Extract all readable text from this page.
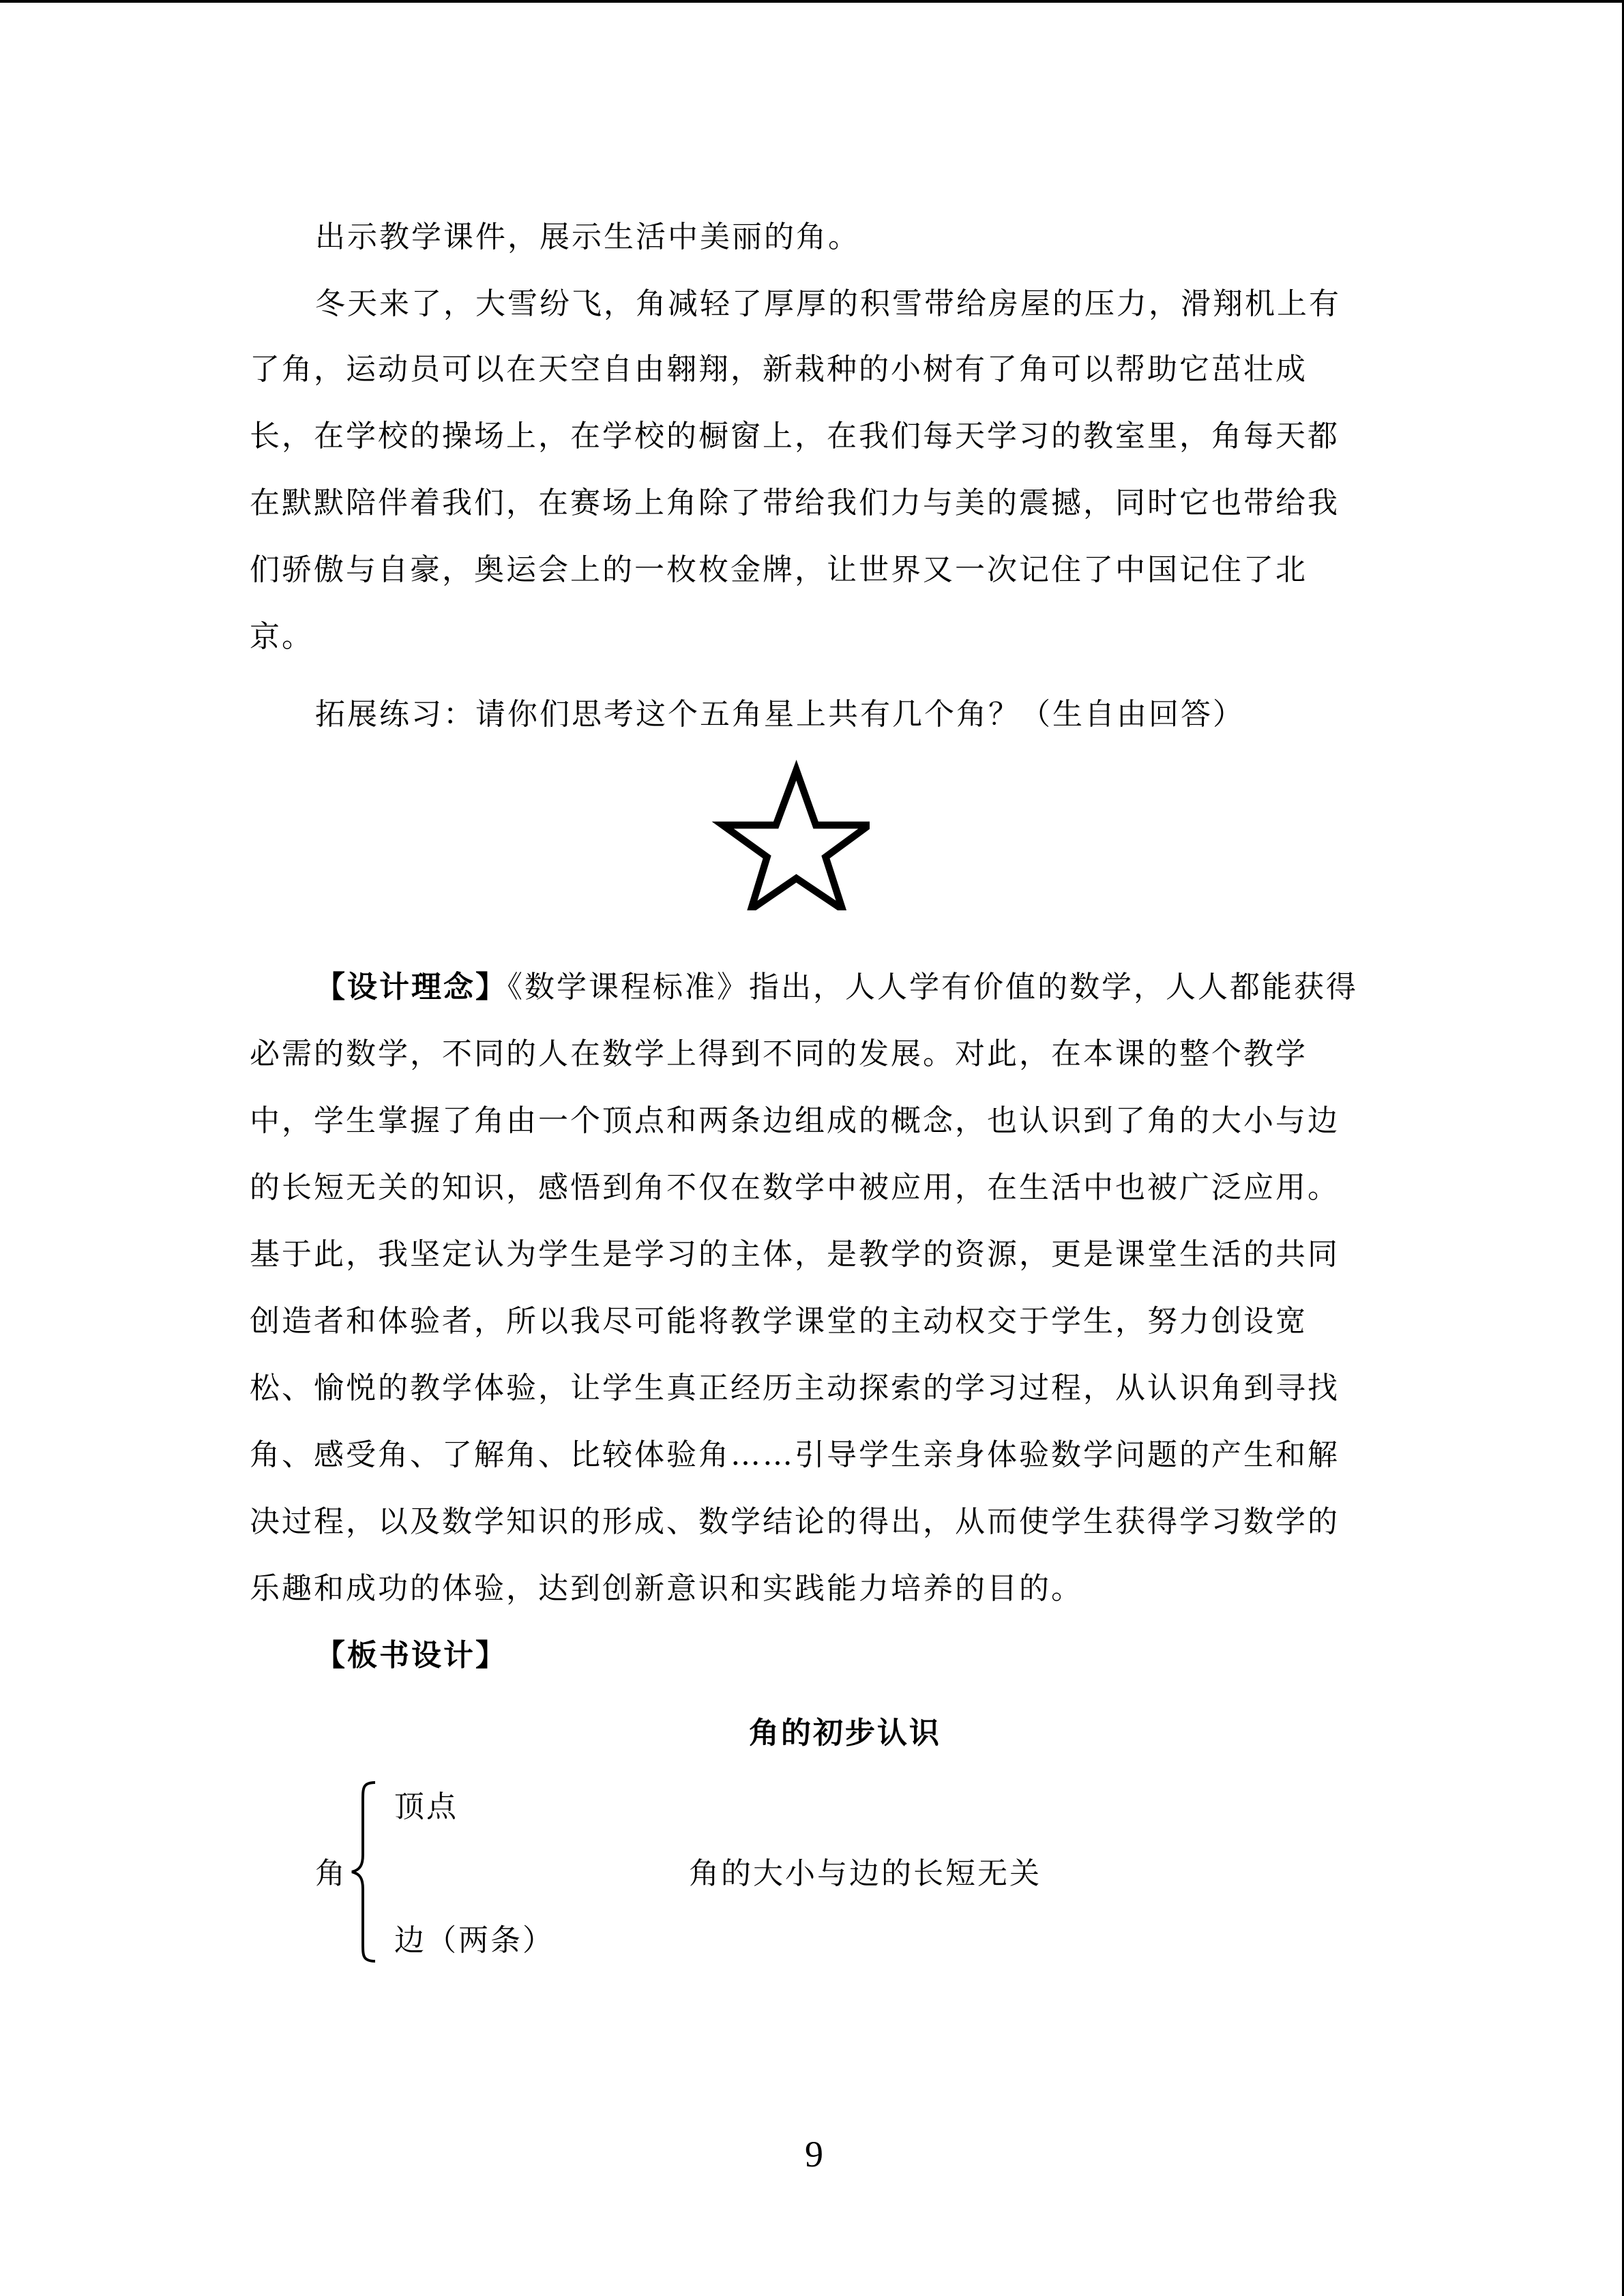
出示教学课件，展示生活中美丽的角。
冬天来了，大雪纷飞，角减轻了厚厚的积雪带给房屋的压力，滑翔机上有
了角，运动员可以在天空自由翱翔，新栽种的小树有了角可以帮助它茁壮成
长，在学校的操场上，在学校的橱窗上，在我们每天学习的教室里，角每天都
在默默陪伴着我们，在赛场上角除了带给我们力与美的震撼，同时它也带给我
们骄傲与自豪，奥运会上的一枚枚金牌，让世界又一次记住了中国记住了北
京。
拓展练习：请你们思考这个五角星上共有几个角？（生自由回答）
【设计理念】《数学课程标准》指出，人人学有价值的数学，人人都能获得
必需的数学，不同的人在数学上得到不同的发展。对此，在本课的整个教学
中，学生掌握了角由一个顶点和两条边组成的概念，也认识到了角的大小与边
的长短无关的知识，感悟到角不仅在数学中被应用，在生活中也被广泛应用。
基于此，我坚定认为学生是学习的主体，是教学的资源，更是课堂生活的共同
创造者和体验者，所以我尽可能将教学课堂的主动权交于学生，努力创设宽
松、愉悦的教学体验，让学生真正经历主动探索的学习过程，从认识角到寻找
角、感受角、了解角、比较体验角……引导学生亲身体验数学问题的产生和解
决过程，以及数学知识的形成、数学结论的得出，从而使学生获得学习数学的
乐趣和成功的体验，达到创新意识和实践能力培养的目的。
【板书设计】
角的初步认识
角
顶点
边（两条）
角的大小与边的长短无关
9
